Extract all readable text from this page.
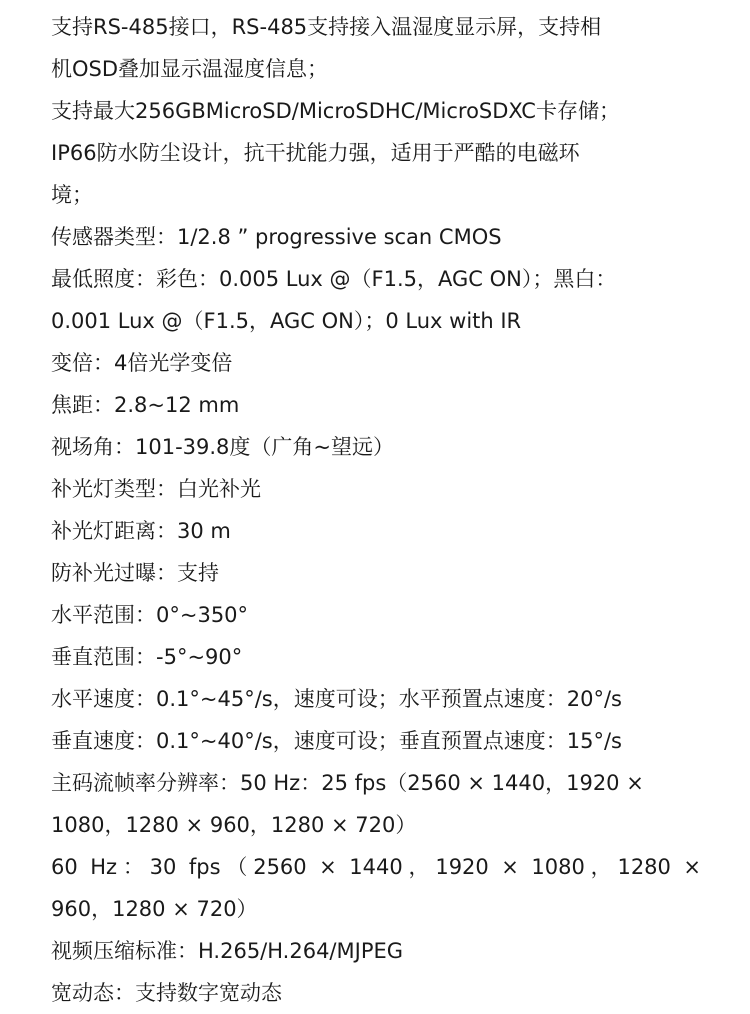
支持RS-485接口，RS-485支持接入温湿度显示屏，支持相
机OSD叠加显示温湿度信息；
支持最大256GBMicroSD/MicroSDHC/MicroSDXC卡存储；
IP66防水防尘设计，抗干扰能力强，适用于严酷的电磁环
境；
传感器类型：1/2.8 ” progressive scan CMOS
最低照度：彩色：0.005 Lux @（F1.5，AGC ON）；黑白：
0.001 Lux @（F1.5，AGC ON）；0 Lux with IR
变倍：4倍光学变倍
焦距：2.8~12 mm
视场角：101-39.8度（广角~望远）
补光灯类型：白光补光
补光灯距离：30 m
防补光过曝：支持
水平范围：0°~350°
垂直范围：-5°~90°
水平速度：0.1°~45°/s，速度可设；水平预置点速度：20°/s
垂直速度：0.1°~40°/s，速度可设；垂直预置点速度：15°/s
主码流帧率分辨率：50 Hz：25 fps（2560 × 1440，1920 ×
1080，1280 × 960，1280 × 720）
60 Hz：30 fps（2560 × 1440，1920 × 1080，1280 ×
960，1280 × 720）
视频压缩标准：H.265/H.264/MJPEG
宽动态：支持数字宽动态
